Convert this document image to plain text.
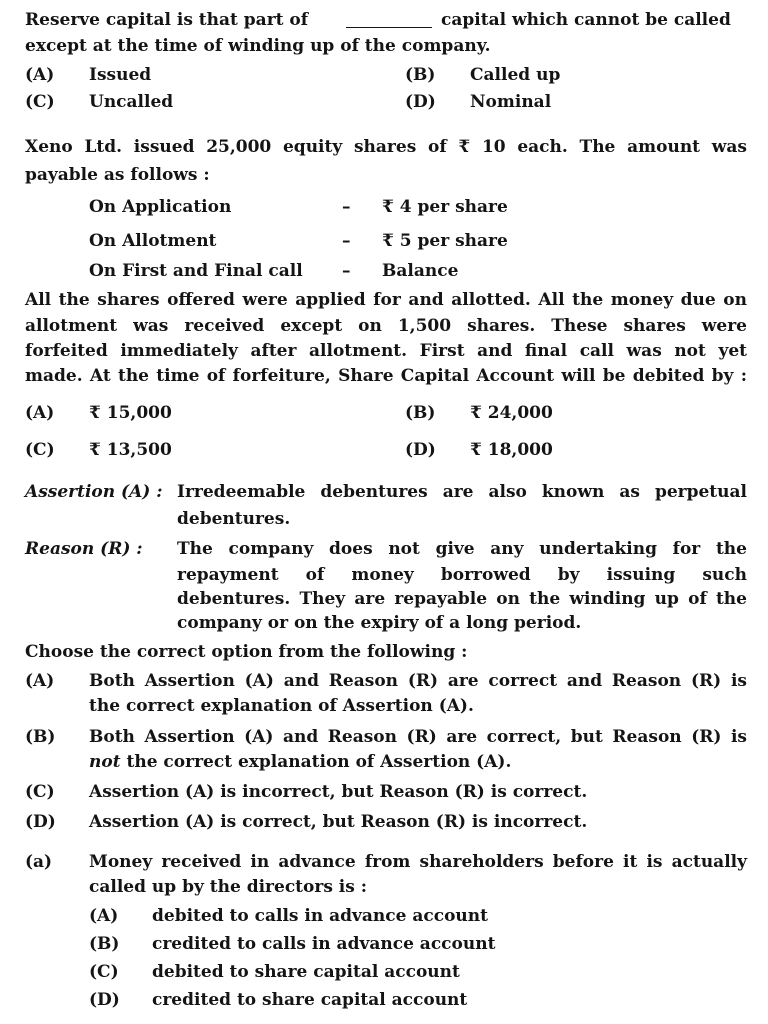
Reserve capital is that part of	capital which cannot be called
except at the time of winding up of the company.
(A) Issued	(B) Called up
(C) Uncalled	(D) Nominal
Xeno Ltd. issued 25,000 equity shares of ₹ 10 each. The amount was
payable as follows :
On Application	– ₹ 4 per share
On Allotment	– ₹ 5 per share
On First and Final call – Balance
All the shares offered were applied for and allotted. All the money due on
allotment was received except on 1,500 shares. These shares were
forfeited immediately after allotment. First and final call was not yet
made. At the time of forfeiture, Share Capital Account will be debited by :
(A) ₹ 15,000	(B) ₹ 24,000
(C) ₹ 13,500	(D) ₹ 18,000
Assertion (A) : Irredeemable debentures are also known as perpetual
debentures.
Reason (R) : The company does not give any undertaking for the
repayment of money borrowed by issuing such
debentures. They are repayable on the winding up of the
company or on the expiry of a long period.
Choose the correct option from the following :
(A) Both Assertion (A) and Reason (R) are correct and Reason (R) is
the correct explanation of Assertion (A).
(B) Both Assertion (A) and Reason (R) are correct, but Reason (R) is
not the correct explanation of Assertion (A).
(C) Assertion (A) is incorrect, but Reason (R) is correct.
(D) Assertion (A) is correct, but Reason (R) is incorrect.
(a) Money received in advance from shareholders before it is actually
called up by the directors is :
(A) debited to calls in advance account
(B) credited to calls in advance account
(C) debited to share capital account
(D) credited to share capital account
